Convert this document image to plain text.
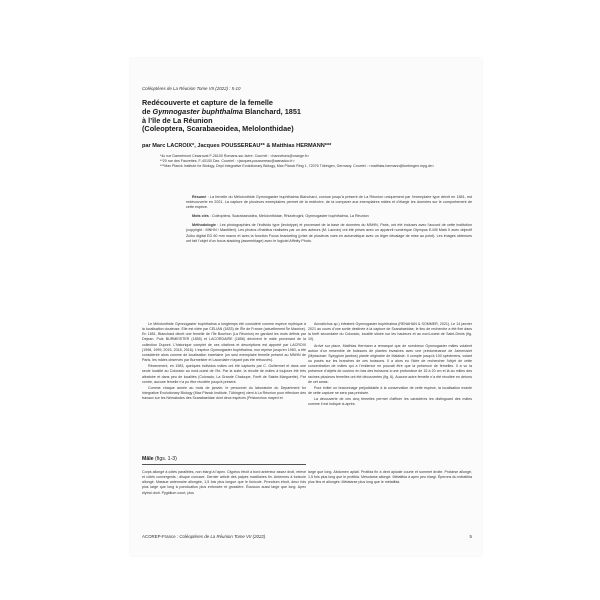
Coléoptères de La Réunion Tome VII (2022) : 5-10
Redécouverte et capture de la femelle
de Gymnogaster buphthalma Blanchard, 1851
à l’île de La Réunion
(Coleoptera, Scarabaeoidea, Melolonthidae)
par Marc LACROIX*, Jacques POUSSEREAU** & Matthias HERMANN***
*4c rue Damrémont Cesarovat F-26100 Romans-sur-Isère. Courriel : <hannetons@orange.fr>
**20 rue des Fauvettes, F-40100 Dax. Courriel : <jacques.poussereau@wanadoo.fr>
***Max Planck Institute for Biology, Dept Integrative Evolutionary Biology, Max Planck Ring 1, 72076 Tübingen, Germany. Courriel : <matthias.hermann@tuebingen.mpg.de>

Résumé : La femelle du Mélolonthide Gymnogaster buphthalma Blanchard, connue jusqu’à présent de La Réunion uniquement par l’exemplaire type décrit en 1851, est redécouverte en 2021. La capture de plusieurs exemplaires permet de la redécrire, de la comparer aux exemplaires mâles et d’élargir les données sur le comportement de cette espèce.

Mots clés : Coleoptera, Scarabaeoidea, Melolonthidae, Rhizotrogini, Gymnogaster buphthalma, La Réunion

Méthodologie : Les photographies de l’individu type (lectotype) et provenant de la base de données du MNHN, Paris, ont été incluses avec l’accord de cette institution (copyright : MNHN / Mantilleri). Les photos d’habitus réalisées par un des auteurs (M. Lacroix) ont été prises avec un appareil numérique Olympus E-M5 Mark II avec objectif Zuiko digital ED 60 mm macro et avec la fonction Focus bracketing (prise de plusieurs vues en automatique avec un léger décalage de mise au point). Les images obtenues ont fait l’objet d’un focus stacking (assemblage) avec le logiciel Affinity Photo.

Le Mélolonthide Gymnogaster buphthalma a longtemps été considéré comme espèce mythique à la localisation douteuse. Elle est citée par CELIAN (1833) de l’Île de France (actuellement Île Maurice). En 1851, Blanchard décrit une femelle de l’Île Bourbon (La Réunion) en gardant les mots définis par Dejean. Puis BURMEISTER (1855) et LACORDAIRE (1856) décrivent le mâle provenant de la collection Dupont. L’historique complet de ces citations et descriptions est apporté par LACROIX (1998, 1999, 2015, 2018, 2016). L’espèce Gymnogaster buphthalma, non reprise jusqu’en 1983, a été considérée alors comme de localisation incertaine (un seul exemplaire femelle présent au MNHN de Paris, les mâles observés par Burmeister et Lacordaire n’ayant pas été retrouvés).

Récemment, en 1983, quelques individus mâles ont été capturés par C. Guillermet et dans une seule localité au Colorado au nord-ouest de l’île. Par la suite, la récolte de mâles à toujours été très aléatoire et dans peu de localités (Colorado, La Grande Chaloupe, Forêt de Sainte-Marguerite). Par contre, aucune femelle n’a pu être récoltée jusqu’à présent.

Comme chaque année au mois de janvier, le personnel du laboratoire du Department for Integrative Evolutionary Biology (Max Planck Institute, Tübingen) vient à La Réunion pour effectuer des travaux sur les Nématodes des Scarabaeidae dont deux espèces (Pristonchus mayeri et

Acrostichus sp.) infestent Gymnogaster buphthalma (RENAHAN & SOMMER, 2021). Le 14 janvier 2021 au cours d’une sortie destinée à la capture de Scarabaeidae, le lieu de recherche a été fixé dans la forêt secondaire du Colorado, localité située sur les hauteurs et au nord-ouest de Saint-Denis (fig. 10).

Arrivé sur place, Matthias Hermann a remarqué que de nombreux Gymnogaster mâles volaient autour d’un ensemble de buissons de plantes invasives avec une prédominance de Jamerosiet (Myrtaceae: Syzygium jambos) plante originaire de Malaisie. Il compte jusqu’à 100 spécimens, volant ou posés sur les branches de ces buissons. Il a alors eu l’idée de rechercher l’objet de cette concentration de mâles qui a l’évidence ne pouvait être que la présence de femelles. Il a vu la présence d’objets de couleur en bas des buissons à une profondeur de 15 à 20 cm et là au milieu des racines plusieurs femelles ont été découvertes (fig. 6). Aucune autre femelle n’a été récoltée en dehors de cet amas.

Pour éviter un braconnage préjudiciable à la conservation de cette espèce, la localisation exacte de cette capture ne sera pas précisée.

La découverte de ces cinq femelles permet d’affiner les caractères les distinguant des mâles comme il est indiqué ci-après.

Mâle (figs. 1-3)

Corps allongé à côtés parallèles, non élargi à l’apex. Clypéus étroit à bord antérieur assez droit, relevé et côtés convergents ; disque concave. Dernier article des palpes maxillaires fin. Antennes à funicule allongé. Massue antennaire allongée, 1,5 fois plus longue que le funicule. Pronotum étroit, deux fois plus large que long à ponctuation plus enfoncée et grossière. Écusson aussi large que long. Apex élytral droit. Pygidium court, plus

large que long. Abdomen aplati. Protibia fin à dent apicale courte et sommet droite. Protarse allongé, 1,5 fois plus long que le protibia. Mésotarse allongé. Métatibia à apex peu élargi. Éperons du métatibia plus fins et allongés. Métatarse plus long que le métatibia.

ACOREP-France : Coléoptères de La Réunion Tome VII (2022)	5
